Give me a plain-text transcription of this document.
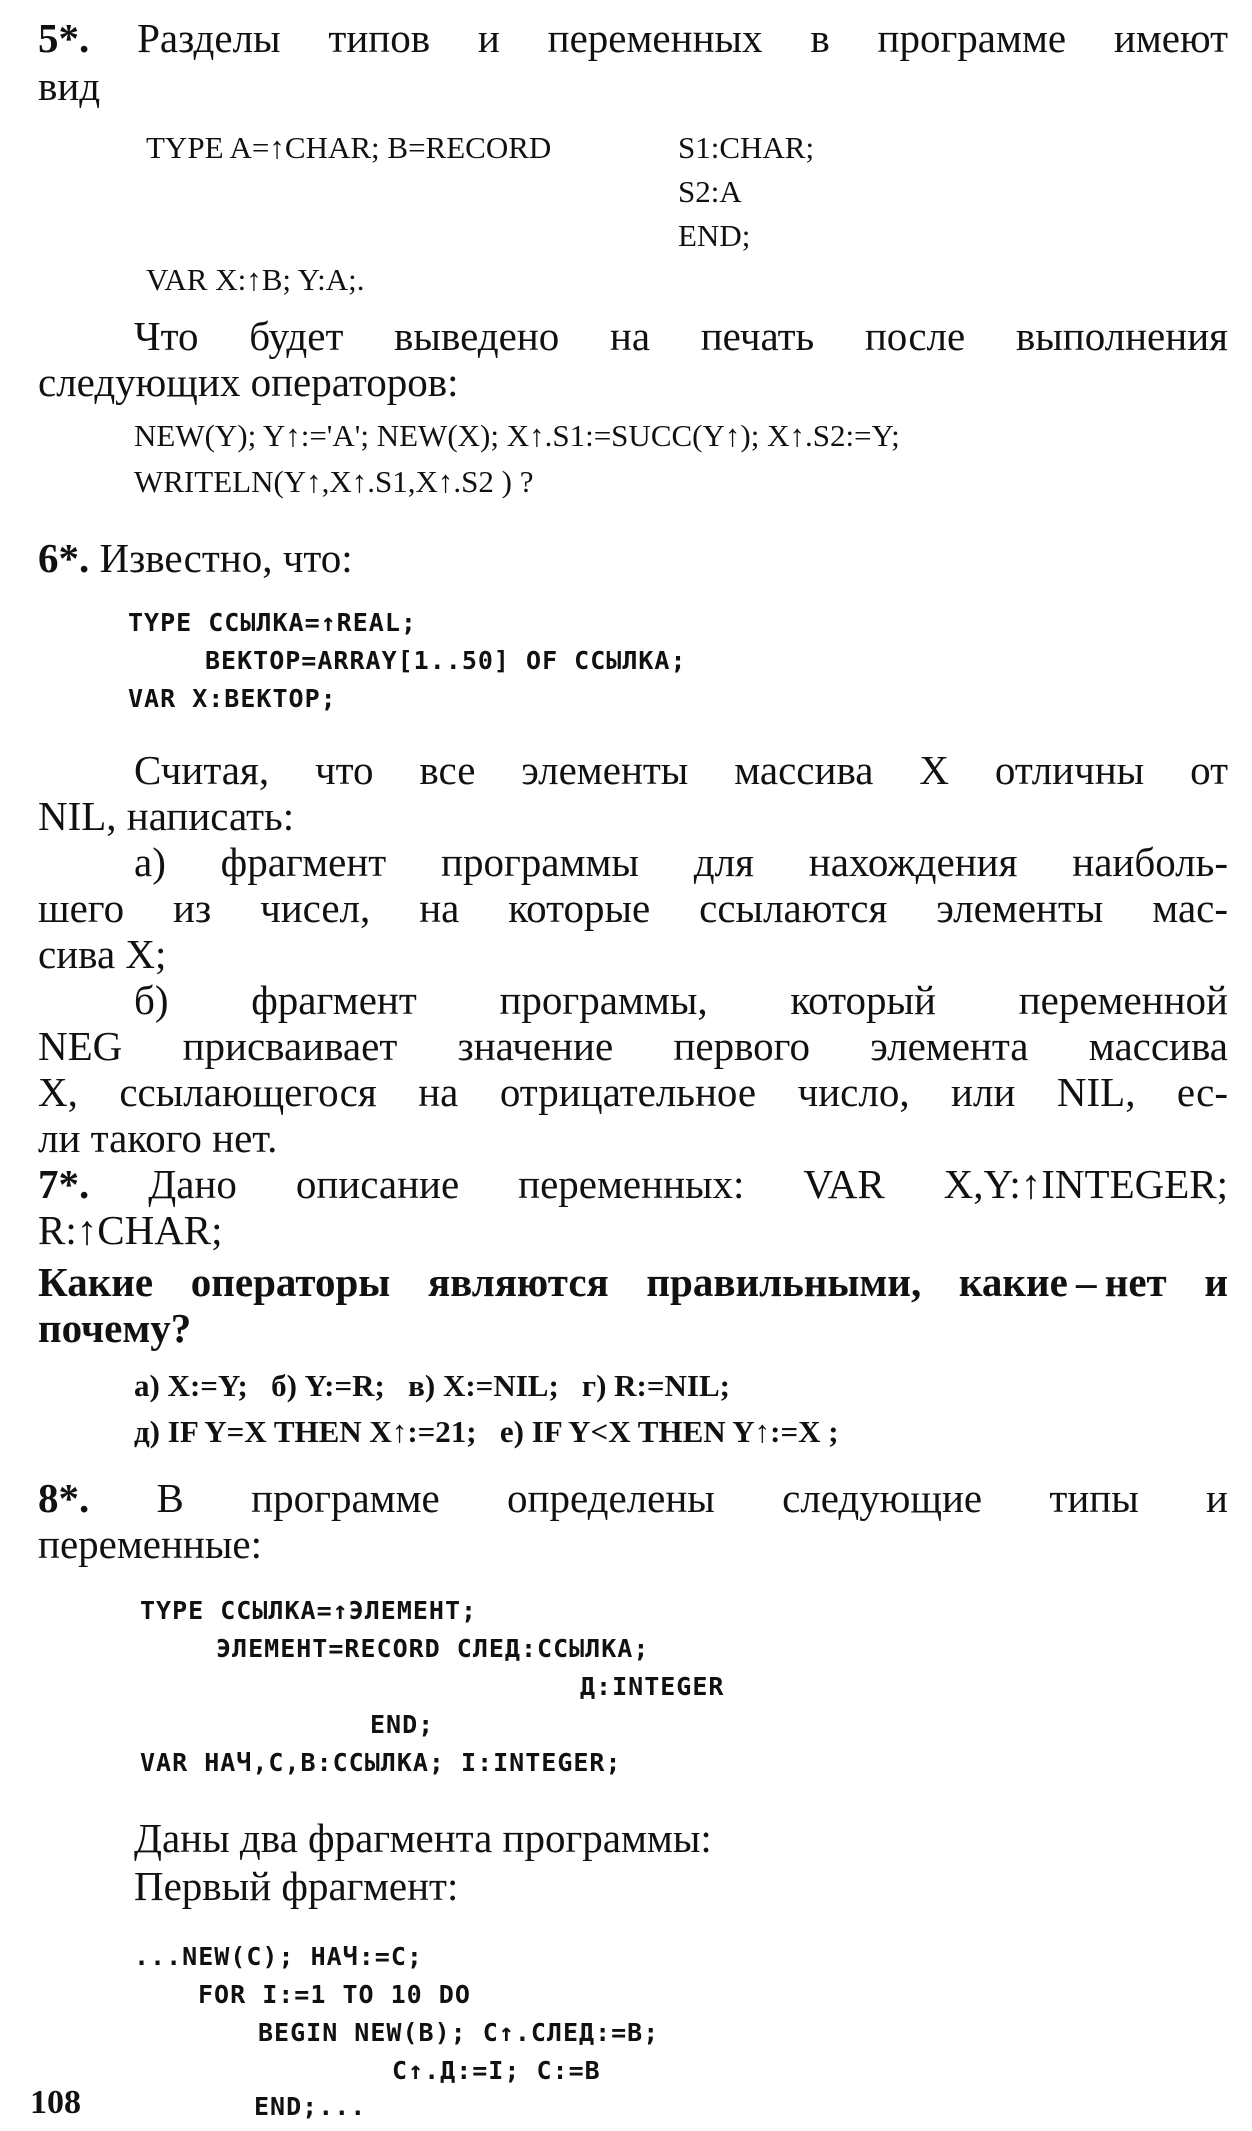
5*. Разделы типов и переменных в программе имеют
вид
TYPE A=↑CHAR; B=RECORD	S1:CHAR;
S2:A
END;
VAR X:↑B; Y:A;.
Что будет выведено на печать после выполнения
следующих операторов:
NEW(Y); Y↑:='A'; NEW(X); X↑.S1:=SUCC(Y↑); X↑.S2:=Y;
WRITELN(Y↑,X↑.S1,X↑.S2 ) ?
6*. Известно, что:
TYPE ССЫЛКА=↑REAL;
ВЕКТОР=ARRAY[1..50] OF ССЫЛКА;
VAR X:ВЕКТОР;
Считая, что все элементы массива X отличны от
NIL, написать:
а) фрагмент программы для нахождения наиболь-
шего из чисел, на которые ссылаются элементы мас-
сива X;
б) фрагмент программы, который переменной
NEG присваивает значение первого элемента массива
X, ссылающегося на отрицательное число, или NIL, ес-
ли такого нет.
7*. Дано описание переменных: VAR X,Y:↑INTEGER;
R:↑CHAR;
Какие операторы являются правильными, какие – нет и
почему?
а) X:=Y;   б) Y:=R;   в) X:=NIL;   г) R:=NIL;
д) IF Y=X THEN X↑:=21;   е) IF Y<X THEN Y↑:=X ;
8*. В программе определены следующие типы и
переменные:
TYPE ССЫЛКА=↑ЭЛЕМЕНТ;
ЭЛЕМЕНТ=RECORD СЛЕД:ССЫЛКА;
Д:INTEGER
END;
VAR НАЧ,C,B:ССЫЛКА; I:INTEGER;
Даны два фрагмента программы:
Первый фрагмент:
...NEW(C); НАЧ:=C;
FOR I:=1 TO 10 DO
BEGIN NEW(B); C↑.СЛЕД:=B;
C↑.Д:=I; C:=B
END;...
108
